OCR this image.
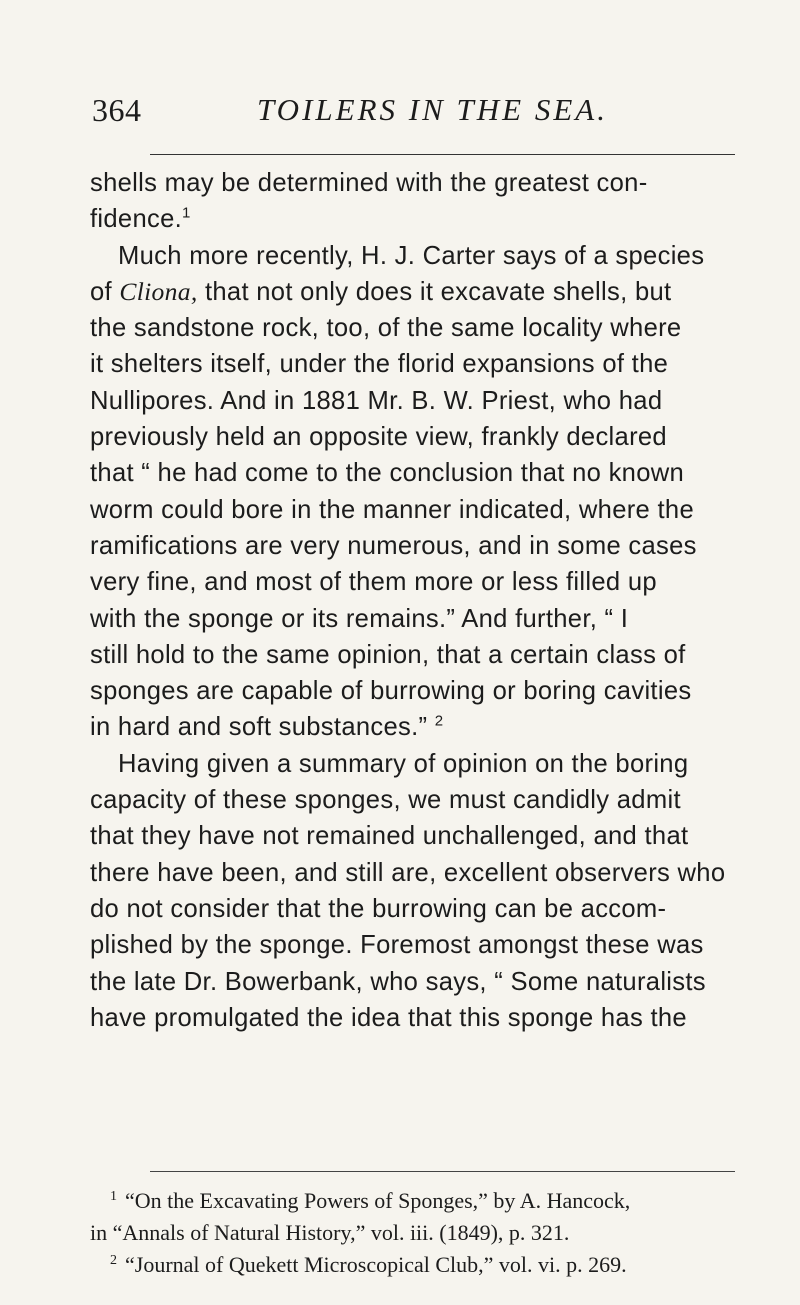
364	TOILERS IN THE SEA.
shells may be determined with the greatest con-
fidence.$^1$
Much more recently, H. J. Carter says of a species
of Cliona, that not only does it excavate shells, but
the sandstone rock, too, of the same locality where
it shelters itself, under the florid expansions of the
Nullipores. And in 1881 Mr. B. W. Priest, who had
previously held an opposite view, frankly declared
that “ he had come to the conclusion that no known
worm could bore in the manner indicated, where the
ramifications are very numerous, and in some cases
very fine, and most of them more or less filled up
with the sponge or its remains.” And further, “ I
still hold to the same opinion, that a certain class of
sponges are capable of burrowing or boring cavities
in hard and soft substances.” $^2$
Having given a summary of opinion on the boring
capacity of these sponges, we must candidly admit
that they have not remained unchallenged, and that
there have been, and still are, excellent observers who
do not consider that the burrowing can be accom-
plished by the sponge. Foremost amongst these was
the late Dr. Bowerbank, who says, “ Some naturalists
have promulgated the idea that this sponge has the
$^1$ “On the Excavating Powers of Sponges,” by A. Hancock,
in “Annals of Natural History,” vol. iii. (1849), p. 321.
$^2$ “Journal of Quekett Microscopical Club,” vol. vi. p. 269.
